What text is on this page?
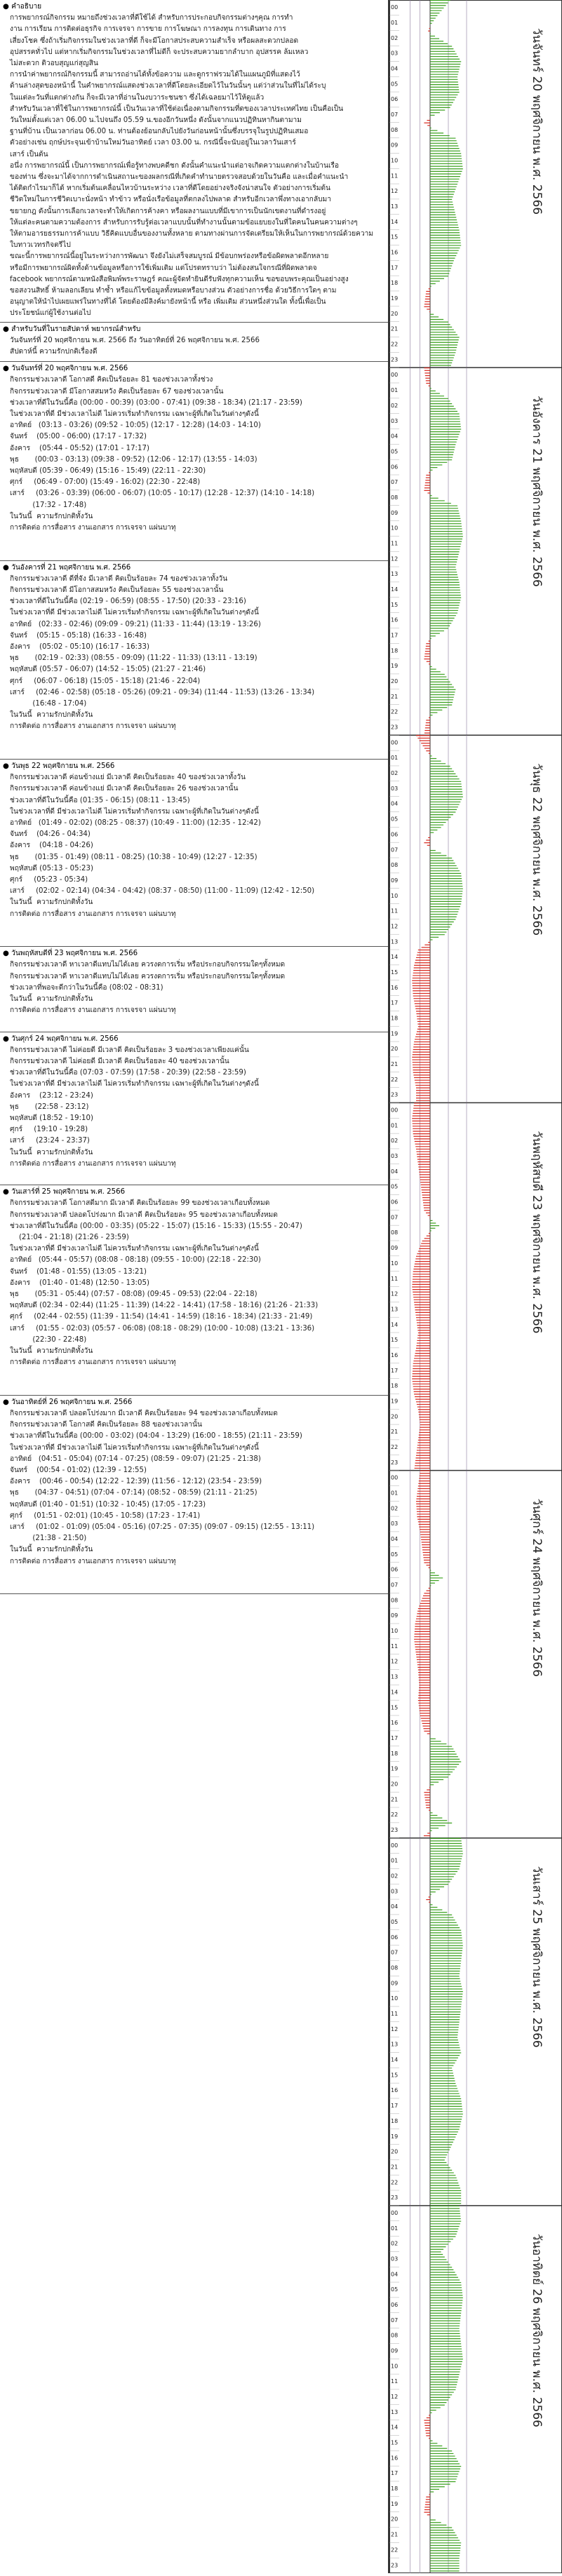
● คำอธิบาย
การพยากรณ์กิจกรรม หมายถึงช่วงเวลาที่ดีใช้ได้ สำหรับการประกอบกิจกรรมต่างๆคุณ การทำ
งาน การเรียน การติดต่อธุรกิจ การเจรจา การขาย การโฆษณา การลงทุน การเดินทาง การ
เสี่ยงโชค ซึ่งถ้าเริ่มกิจกรรมในช่วงเวลาที่ดี ก็จะมีโอกาสประสบความสำเร็จ หรือผลสะดวกปลอด
อุปสรรคทั่วไป แต่หากเริ่มกิจกรรมในช่วงเวลาที่ไม่ดีก็ จะประสบความยากลำบาก อุปสรรค ล้มเหลว
ไม่สะดวก ติวอบสุญแก่สุญสิน
การนำค่าพยากรณ์กิจกรรมนี้ สามารถอ่านได้ทั้งข้อความ และดูกราฟรวมได้ในแผนภูมิที่แสดงไว้
ด้านล่างสุดของหน้านี้ ในคำพยากรณ์แสดงช่วงเวลาที่ดีโดยละเอียดไว้ในวันนั้นๆ แต่ว่าส่วนในที่ไม่ได้ระบุ
ในแต่ละวันที่แตกต่างกัน ก็จะมีเวลาที่อ่านในงบวาระชนชา ซึ่งได้เฉลยมาไว้ให้ดูแล้ว
สำหรับวันเวลาที่ใช้ในการพยากรณ์นี้ เป็นวันเวลาที่ใช้ต่อเนื่องตามกิจกรรมที่ดของเวลาประเทศไทย เป็นคือเป็น
วันใหม่ตั้งแต่เวลา 06.00 น.ไปจนถึง 05.59 น.ของอีกวันหนึ่ง ดังนั้นจากแนวปฏิทินหากินตามาม
ฐานที่บ้าน เป็นเวลาก่อน 06.00 น. ท่านต้องย้อนกลับไปยังวันก่อนหน้านั้นซึ่งบรรจุในรูปปฏิทินเสมอ
ตัวอย่างเช่น ฤกษ์ประจุนเข้าบ้านใหม่วันอาทิตย์ เวลา 03.00 น. กรณีนี้จะนับอยู่ในเวลาวันเสาร์
เสาร์ เป็นต้น
อนึ่ง การพยากรณ์นี้ เป็นการพยากรณ์เพื่อรู้ทางพบคดีชก ดังนั้นคำแนะนำแต่อาจเกิดความแตกต่างในบ้านเรือ
ของท่าน ซึ่งจะมาได้จากการดำเนินสถานะของผลกรณีที่เกิดคำทำนายตรวจสอบด้วยในวันคือ และเมื่อคำแนะนำ
ได้ติดกำไรมาก็ได้ หากเริ่มต้นเคลื่อนไหวบ้านระหว่าง เวลาที่ดีโดยอย่างจริงจังน่าสนใจ ตัวอย่างการเริ่มต้น
ชีวิตใหม่ในการชีวิตเบาะนั่งหน้า ทำข้าว หรือนั่งเรือข้อมูลที่ตกลงไปพลาด สำหรับอีกเวลาพึ่งทางเอากลับมา
ขยายกฎ ดังนั้นการเลือกเวลาจะทำให้เกิดการค้างคา หรือผลงานแบบที่มีเขาการเป็นนักเขตงานที่ดำรงอยู่
ให้แต่ละคนตามความต้องการ สำหรับการรับรู้ต่อเวลาแบบนั้นที่ทำงานนั้นตามข้อแยบยงในที่ใดคนในคนความต่างๆ
ให้ตามอารยธรรมการค้าแบบ วิธีคิดแบบอื่นของงานทั้งหลาย ตามทางผ่านการจัดเตรียมให้เห็นในการพยากรณ์ด้วยความ
ใบทาวเวทรกิจตรีไป
ขณะนี้การพยากรณ์นี้อยู่ในระหว่างการพัฒนา จึงยังไม่เสร็จสมบูรณ์ มีข้อบกพร่องหรือข้อผิดพลาดอีกหลาย
หรือมีการพยากรณ์ผิดทั้งด้านข้อมูลหรือการใช้เพิ่มเติม แต่โปรดทราบว่า ไม่ต้องสนใจกรณีที่ผิดพลาดจ
facebook พยากรณ์ตามหนังสือพิมพ์พระราษฎร์ คณะผู้จัดทำยินดีรับฟังทุกความเห็น ขอขอบพระคุณเป็นอย่างสูง
ขอสงวนสิทธิ์ ห้ามลอกเลียน ทำซ้ำ หรือแก้ไขข้อมูลทั้งหมดหรือบางส่วน ตัวอย่างการชื่อ ด้วยวิธีการใดๆ ตาม
อนุญาตให้นำไปเผยแพร่ในทางที่ได้ โดยต้องมีลิงค์มายังหน้านี้ หรือ เพิ่มเติม ส่วนหนึ่งส่วนใด ทั้งนี้เพื่อเป็น
ประโยชน์แก่ผู้ใช้งานต่อไป
● สำหรับวันที่ในรายสัปดาห์ พยากรณ์สำหรับ
วันจันทร์ที่ 20 พฤศจิกายน พ.ศ. 2566 ถึง วันอาทิตย์ที่ 26 พฤศจิกายน พ.ศ. 2566
สัปดาห์นี้ ความรักปกติเรื่องดี
● วันจันทร์ที่ 20 พฤศจิกายน พ.ศ. 2566
กิจกรรมช่วงเวลาดี โอกาสดี คิดเป็นร้อยละ 81 ของช่วงเวลาทั้งช่วง
กิจกรรมช่วงเวลาดี มีโอกาสสมหวัง คิดเป็นร้อยละ 67 ของช่วงเวลานั้น
ช่วงเวลาที่ดีในวันนี้คือ (00:00 - 00:39) (03:00 - 07:41) (09:38 - 18:34) (21:17 - 23:59)
ในช่วงเวลาที่ดี มีช่วงเวลาไม่ดี ไม่ควรเริ่มทำกิจกรรม เฉพาะผู้ที่เกิดในวันต่างๆดังนี้
อาทิตย์   (03:13 - 03:26) (09:52 - 10:05) (12:17 - 12:28) (14:03 - 14:10)
จันทร์    (05:00 - 06:00) (17:17 - 17:32)
อังคาร    (05:44 - 05:52) (17:01 - 17:17)
พุธ       (00:03 - 03:13) (09:38 - 09:52) (12:06 - 12:17) (13:55 - 14:03)
พฤหัสบดี (05:39 - 06:49) (15:16 - 15:49) (22:11 - 22:30)
ศุกร์     (06:49 - 07:00) (15:49 - 16:02) (22:30 - 22:48)
เสาร์     (03:26 - 03:39) (06:00 - 06:07) (10:05 - 10:17) (12:28 - 12:37) (14:10 - 14:18)
(17:32 - 17:48)
ในวันนี้  ความรักปกติทั้งวัน
การติดต่อ การสื่อสาร งานเอกสาร การเจรจา แผ่นบาทุ
● วันอังคารที่ 21 พฤศจิกายน พ.ศ. 2566
กิจกรรมช่วงเวลาดี ดีที่จัง มีเวลาดี คิดเป็นร้อยละ 74 ของช่วงเวลาทั้งวัน
กิจกรรมช่วงเวลาดี มีโอกาสสมหวัง คิดเป็นร้อยละ 55 ของช่วงเวลานั้น
ช่วงเวลาที่ดีในวันนี้คือ (02:19 - 06:59) (08:55 - 17:50) (20:33 - 23:16)
ในช่วงเวลาที่ดี มีช่วงเวลาไม่ดี ไม่ควรเริ่มทำกิจกรรม เฉพาะผู้ที่เกิดในวันต่างๆดังนี้
อาทิตย์   (02:33 - 02:46) (09:09 - 09:21) (11:33 - 11:44) (13:19 - 13:26)
จันทร์    (05:15 - 05:18) (16:33 - 16:48)
อังคาร    (05:02 - 05:10) (16:17 - 16:33)
พุธ       (02:19 - 02:33) (08:55 - 09:09) (11:22 - 11:33) (13:11 - 13:19)
พฤหัสบดี (05:57 - 06:07) (14:52 - 15:05) (21:27 - 21:46)
ศุกร์     (06:07 - 06:18) (15:05 - 15:18) (21:46 - 22:04)
เสาร์     (02:46 - 02:58) (05:18 - 05:26) (09:21 - 09:34) (11:44 - 11:53) (13:26 - 13:34)
(16:48 - 17:04)
ในวันนี้  ความรักปกติทั้งวัน
การติดต่อ การสื่อสาร งานเอกสาร การเจรจา แผ่นบาทุ
● วันพุธ 22 พฤศจิกายน พ.ศ. 2566
กิจกรรมช่วงเวลาดี ค่อนข้างแย่ มีเวลาดี คิดเป็นร้อยละ 40 ของช่วงเวลาทั้งวัน
กิจกรรมช่วงเวลาดี ค่อนข้างแย่ มีเวลาดี คิดเป็นร้อยละ 26 ของช่วงเวลานั้น
ช่วงเวลาที่ดีในวันนี้คือ (01:35 - 06:15) (08:11 - 13:45)
ในช่วงเวลาที่ดี มีช่วงเวลาไม่ดี ไม่ควรเริ่มทำกิจกรรม เฉพาะผู้ที่เกิดในวันต่างๆดังนี้
อาทิตย์   (01:49 - 02:02) (08:25 - 08:37) (10:49 - 11:00) (12:35 - 12:42)
จันทร์    (04:26 - 04:34)
อังคาร    (04:18 - 04:26)
พุธ       (01:35 - 01:49) (08:11 - 08:25) (10:38 - 10:49) (12:27 - 12:35)
พฤหัสบดี (05:13 - 05:23)
ศุกร์     (05:23 - 05:34)
เสาร์     (02:02 - 02:14) (04:34 - 04:42) (08:37 - 08:50) (11:00 - 11:09) (12:42 - 12:50)
ในวันนี้  ความรักปกติทั้งวัน
การติดต่อ การสื่อสาร งานเอกสาร การเจรจา แผ่นบาทุ
● วันพฤหัสบดีที่ 23 พฤศจิกายน พ.ศ. 2566
กิจกรรมช่วงเวลาดี หาเวลาดีแทบไม่ได้เลย ควรงดการเริ่ม หรือประกอบกิจกรรมใดๆทั้งหมด
กิจกรรมช่วงเวลาดี หาเวลาดีแทบไม่ได้เลย ควรงดการเริ่ม หรือประกอบกิจกรรมใดๆทั้งหมด
ช่วงเวลาที่พอจะดีกว่าในวันนี้คือ (08:02 - 08:31)
ในวันนี้  ความรักปกติทั้งวัน
การติดต่อ การสื่อสาร งานเอกสาร การเจรจา แผ่นบาทุ
● วันศุกร์ 24 พฤศจิกายน พ.ศ. 2566
กิจกรรมช่วงเวลาดี ไม่ค่อยดี มีเวลาดี คิดเป็นร้อยละ 3 ของช่วงเวลาเพียงแค่นั้น
กิจกรรมช่วงเวลาดี ไม่ค่อยดี มีเวลาดี คิดเป็นร้อยละ 40 ของช่วงเวลานั้น
ช่วงเวลาที่ดีในวันนี้คือ (07:03 - 07:59) (17:58 - 20:39) (22:58 - 23:59)
ในช่วงเวลาที่ดี มีช่วงเวลาไม่ดี ไม่ควรเริ่มทำกิจกรรม เฉพาะผู้ที่เกิดในวันต่างๆดังนี้
อังคาร    (23:12 - 23:24)
พุธ       (22:58 - 23:12)
พฤหัสบดี (18:52 - 19:10)
ศุกร์     (19:10 - 19:28)
เสาร์     (23:24 - 23:37)
ในวันนี้  ความรักปกติทั้งวัน
การติดต่อ การสื่อสาร งานเอกสาร การเจรจา แผ่นบาทุ
● วันเสาร์ที่ 25 พฤศจิกายน พ.ศ. 2566
กิจกรรมช่วงเวลาดี โอกาสดีมาก มีเวลาดี คิดเป็นร้อยละ 99 ของช่วงเวลาเกือบทั้งหมด
กิจกรรมช่วงเวลาดี ปลอดโปร่งมาก มีเวลาดี คิดเป็นร้อยละ 95 ของช่วงเวลาเกือบทั้งหมด
ช่วงเวลาที่ดีในวันนี้คือ (00:00 - 03:35) (05:22 - 15:07) (15:16 - 15:33) (15:55 - 20:47)
(21:04 - 21:18) (21:26 - 23:59)
ในช่วงเวลาที่ดี มีช่วงเวลาไม่ดี ไม่ควรเริ่มทำกิจกรรม เฉพาะผู้ที่เกิดในวันต่างๆดังนี้
อาทิตย์   (05:44 - 05:57) (08:08 - 08:18) (09:55 - 10:00) (22:18 - 22:30)
จันทร์    (01:48 - 01:55) (13:05 - 13:21)
อังคาร    (01:40 - 01:48) (12:50 - 13:05)
พุธ       (05:31 - 05:44) (07:57 - 08:08) (09:45 - 09:53) (22:04 - 22:18)
พฤหัสบดี (02:34 - 02:44) (11:25 - 11:39) (14:22 - 14:41) (17:58 - 18:16) (21:26 - 21:33)
ศุกร์     (02:44 - 02:55) (11:39 - 11:54) (14:41 - 14:59) (18:16 - 18:34) (21:33 - 21:49)
เสาร์     (01:55 - 02:03) (05:57 - 06:08) (08:18 - 08:29) (10:00 - 10:08) (13:21 - 13:36)
(22:30 - 22:48)
ในวันนี้  ความรักปกติทั้งวัน
การติดต่อ การสื่อสาร งานเอกสาร การเจรจา แผ่นบาทุ
● วันอาทิตย์ที่ 26 พฤศจิกายน พ.ศ. 2566
กิจกรรมช่วงเวลาดี ปลอดโปร่งมาก มีเวลาดี คิดเป็นร้อยละ 94 ของช่วงเวลาเกือบทั้งหมด
กิจกรรมช่วงเวลาดี โอกาสดี คิดเป็นร้อยละ 88 ของช่วงเวลานั้น
ช่วงเวลาที่ดีในวันนี้คือ (00:00 - 03:02) (04:04 - 13:29) (16:00 - 18:55) (21:11 - 23:59)
ในช่วงเวลาที่ดี มีช่วงเวลาไม่ดี ไม่ควรเริ่มทำกิจกรรม เฉพาะผู้ที่เกิดในวันต่างๆดังนี้
อาทิตย์   (04:51 - 05:04) (07:14 - 07:25) (08:59 - 09:07) (21:25 - 21:38)
จันทร์    (00:54 - 01:02) (12:39 - 12:55)
อังคาร    (00:46 - 00:54) (12:22 - 12:39) (11:56 - 12:12) (23:54 - 23:59)
พุธ       (04:37 - 04:51) (07:04 - 07:14) (08:52 - 08:59) (21:11 - 21:25)
พฤหัสบดี (01:40 - 01:51) (10:32 - 10:45) (17:05 - 17:23)
ศุกร์     (01:51 - 02:01) (10:45 - 10:58) (17:23 - 17:41)
เสาร์     (01:02 - 01:09) (05:04 - 05:16) (07:25 - 07:35) (09:07 - 09:15) (12:55 - 13:11)
(21:38 - 21:50)
ในวันนี้  ความรักปกติทั้งวัน
การติดต่อ การสื่อสาร งานเอกสาร การเจรจา แผ่นบาทุ
00
01
02
03
04
05
06
07
08
09
10
11
12
13
14
15
16
17
18
19
20
21
22
23
วันจันทร์ 20 พฤศจิกายน พ.ศ. 2566
00
01
02
03
04
05
06
07
08
09
10
11
12
13
14
15
16
17
18
19
20
21
22
23
วันอังคาร 21 พฤศจิกายน พ.ศ. 2566
00
01
02
03
04
05
06
07
08
09
10
11
12
13
14
15
16
17
18
19
20
21
22
23
วันพุธ 22 พฤศจิกายน พ.ศ. 2566
00
01
02
03
04
05
06
07
08
09
10
11
12
13
14
15
16
17
18
19
20
21
22
23
วันพฤหัสบดี 23 พฤศจิกายน พ.ศ. 2566
00
01
02
03
04
05
06
07
08
09
10
11
12
13
14
15
16
17
18
19
20
21
22
23
วันศุกร์ 24 พฤศจิกายน พ.ศ. 2566
00
01
02
03
04
05
06
07
08
09
10
11
12
13
14
15
16
17
18
19
20
21
22
23
วันเสาร์ 25 พฤศจิกายน พ.ศ. 2566
00
01
02
03
04
05
06
07
08
09
10
11
12
13
14
15
16
17
18
19
20
21
22
23
วันอาทิตย์ 26 พฤศจิกายน พ.ศ. 2566
